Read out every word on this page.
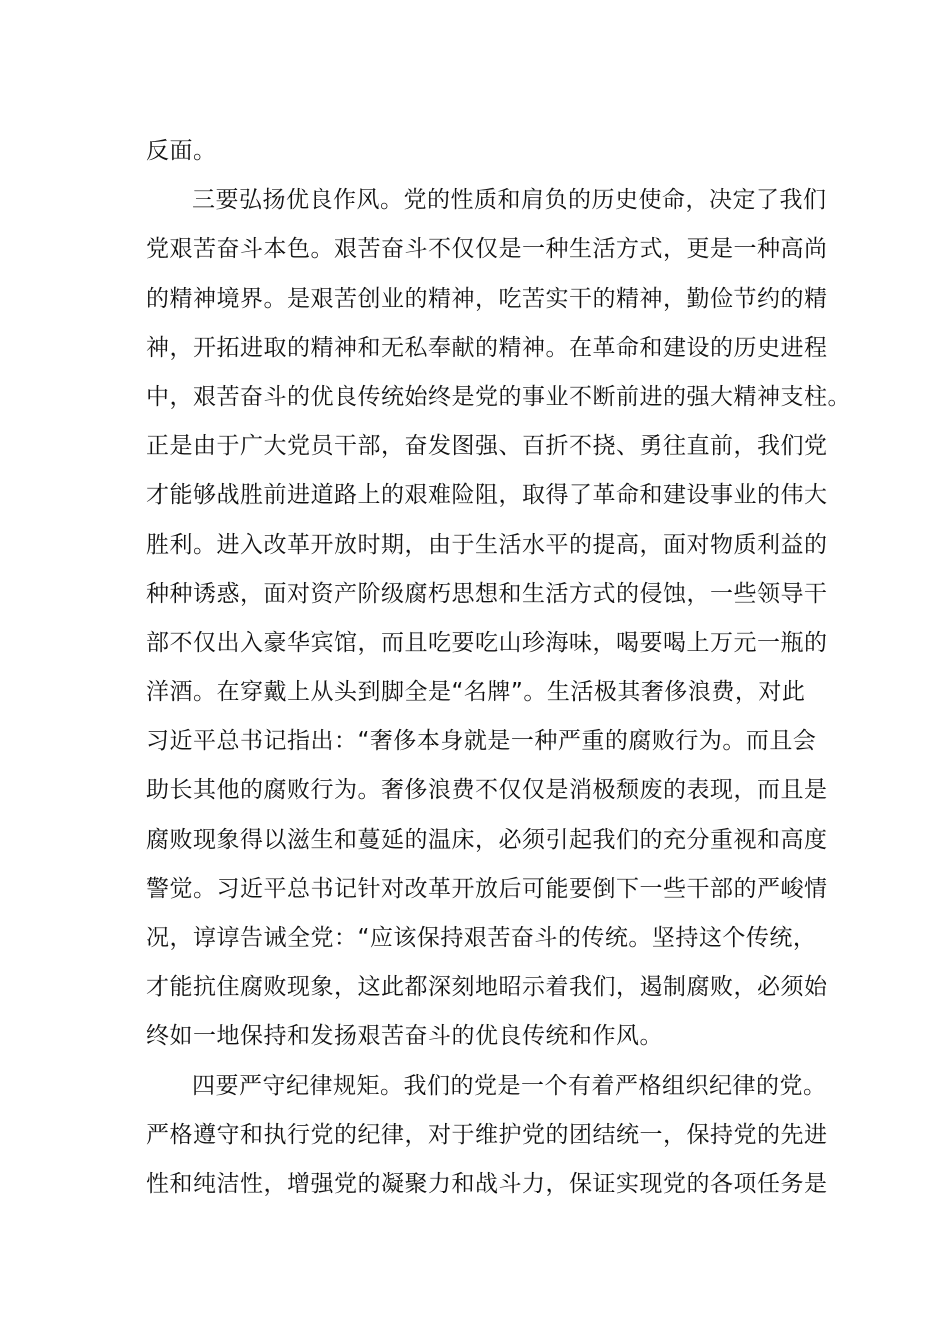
反面。
三要弘扬优良作风。党的性质和肩负的历史使命，决定了我们
党艰苦奋斗本色。艰苦奋斗不仅仅是一种生活方式，更是一种高尚
的精神境界。是艰苦创业的精神，吃苦实干的精神，勤俭节约的精
神，开拓进取的精神和无私奉献的精神。在革命和建设的历史进程
中，艰苦奋斗的优良传统始终是党的事业不断前进的强大精神支柱。
正是由于广大党员干部，奋发图强、百折不挠、勇往直前，我们党
才能够战胜前进道路上的艰难险阻，取得了革命和建设事业的伟大
胜利。进入改革开放时期，由于生活水平的提高，面对物质利益的
种种诱惑，面对资产阶级腐朽思想和生活方式的侵蚀，一些领导干
部不仅出入豪华宾馆，而且吃要吃山珍海味，喝要喝上万元一瓶的
洋酒。在穿戴上从头到脚全是“名牌”。生活极其奢侈浪费，对此
习近平总书记指出：“奢侈本身就是一种严重的腐败行为。而且会
助长其他的腐败行为。奢侈浪费不仅仅是消极颓废的表现，而且是
腐败现象得以滋生和蔓延的温床，必须引起我们的充分重视和高度
警觉。习近平总书记针对改革开放后可能要倒下一些干部的严峻情
况，谆谆告诫全党：“应该保持艰苦奋斗的传统。坚持这个传统，
才能抗住腐败现象，这此都深刻地昭示着我们，遏制腐败，必须始
终如一地保持和发扬艰苦奋斗的优良传统和作风。
四要严守纪律规矩。我们的党是一个有着严格组织纪律的党。
严格遵守和执行党的纪律，对于维护党的团结统一，保持党的先进
性和纯洁性，增强党的凝聚力和战斗力，保证实现党的各项任务是
